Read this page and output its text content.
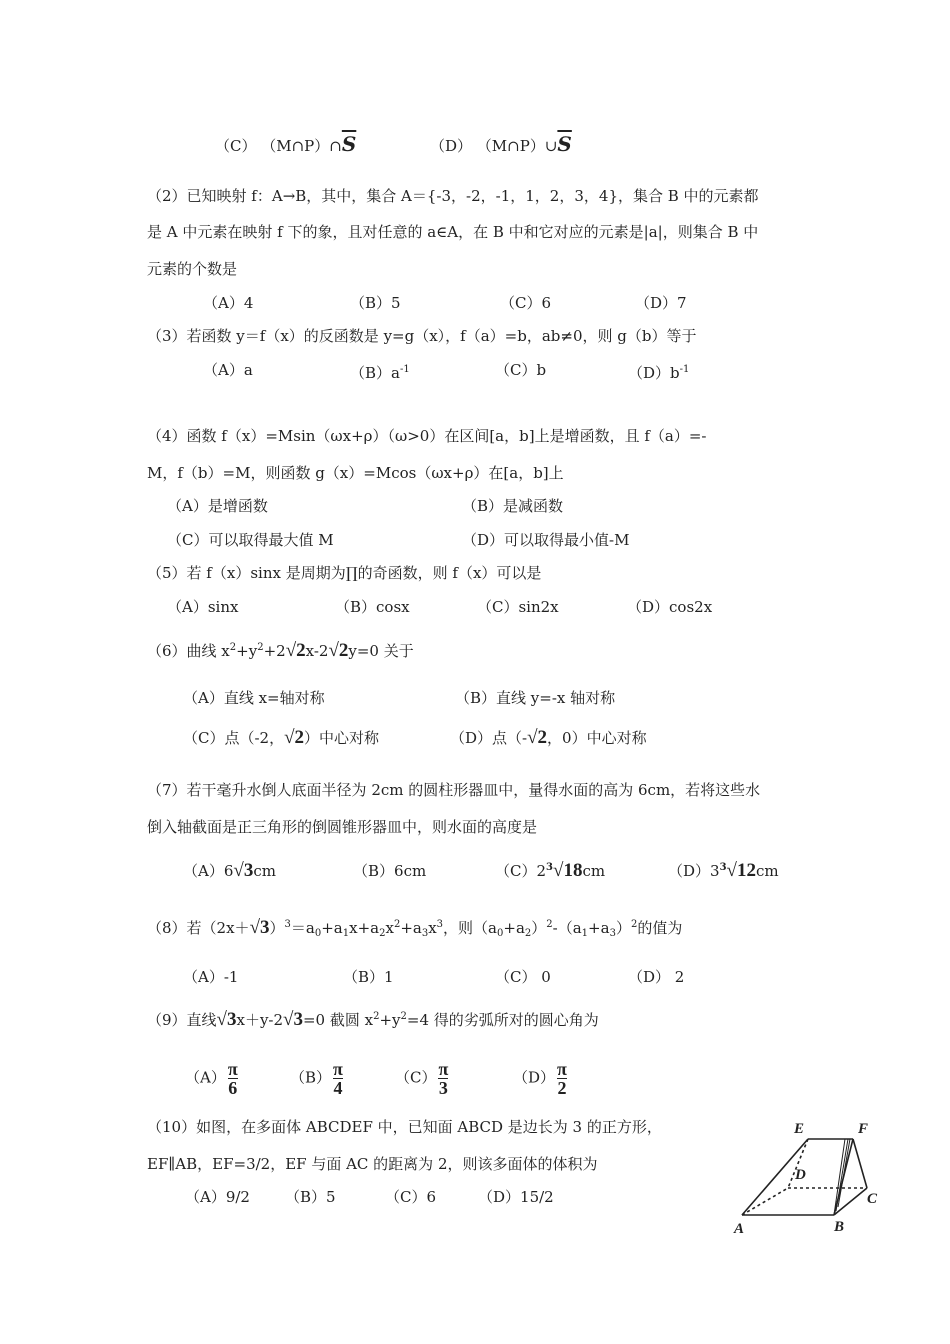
（C） $(M\cap P)\cap\overline{S}$	（D） $(M\cap P)\cup\overline{S}$
（2）已知映射 f：A→B，其中，集合 A＝{-3，-2，-1，1，2，3，4}，集合 B 中的元素都
是 A 中元素在映射 f 下的象，且对任意的 a∈A，在 B 中和它对应的元素是|a|，则集合 B 中
元素的个数是
（A）4	（B）5	（C）6	（D）7
（3）若函数 y＝f（x）的反函数是 y=g（x），f（a）=b，ab≠0，则 g（b）等于
（A）a	$(B)a^{-1}$	（C）b	$(D)b^{-1}$
（4）函数 f（x）=Msin（ωx+ρ）（ω>0）在区间[a，b]上是增函数，且 f（a）=-
M，f（b）=M，则函数 g（x）=Mcos（ωx+ρ）在[a，b]上
（A）是增函数	（B）是减函数
（C）可以取得最大值 M	（D）可以取得最小值-M
（5）若 f（x）sinx 是周期为∏的奇函数，则 f（x）可以是
（A）sinx	（B）cosx	（C）sin2x	（D）cos2x
（6）曲线 $x^2+y^2+2√2x-2√2y=0$ 关于
（A）直线 x=轴对称	（B）直线 y=-x 轴对称
（C）点（-2，√2）中心对称	（D）点（-√2，0）中心对称
（7）若干毫升水倒人底面半径为 2cm 的圆柱形器皿中，量得水面的高为 6cm，若将这些水
倒入轴截面是正三角形的倒圆锥形器皿中，则水面的高度是
（A）6√3cm	（B）6cm	$(C)2^3√18cm$	$(D)3^3√12cm$
（8）若$(2x+√3)^3=a_0+a_1x+a_2x^2+a_3x^3$，则$(a_0+a_2)^2-(a_1+a_3)^2$的值为
（A）-1	（B）1	（C） 0	（D） 2
（9）直线√3x＋y-2√3=0 截圆 $x^2+y^2=4$ 得的劣弧所对的圆心角为
$(A) \frac{\pi}{6}$	$(B) \frac{\pi}{4}$	$(C) \frac{\pi}{3}$	$(D) \frac{\pi}{2}$
（10）如图，在多面体 ABCDEF 中，已知面 ABCD 是边长为 3 的正方形，
EF∥AB，EF=3/2，EF 与面 AC 的距离为 2，则该多面体的体积为
（A）9/2 （B）5	（C）6	（D）15/2
E	F
D
C
A	B
